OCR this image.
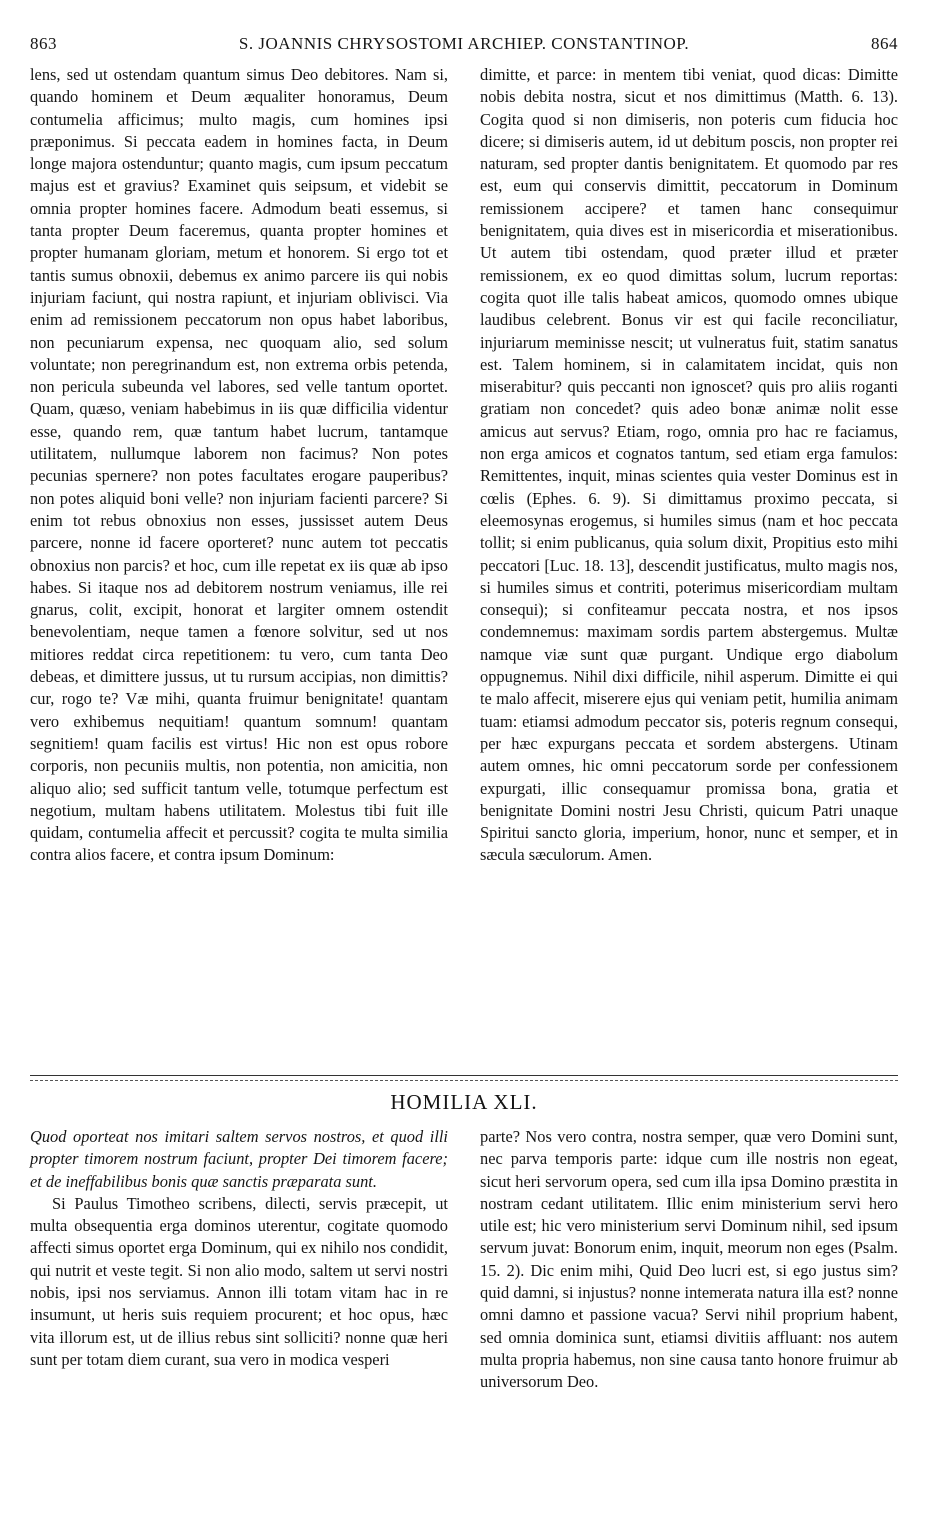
863	S. JOANNIS CHRYSOSTOMI ARCHIEP. CONSTANTINOP.	864

lens, sed ut ostendam quantum simus Deo debitores. Nam si, quando hominem et Deum æqualiter honoramus, Deum contumelia afficimus; multo magis, cum homines ipsi præponimus. Si peccata eadem in homines facta, in Deum longe majora ostenduntur; quanto magis, cum ipsum peccatum majus est et gravius? Examinet quis seipsum, et videbit se omnia propter homines facere. Admodum beati essemus, si tanta propter Deum faceremus, quanta propter homines et propter humanam gloriam, metum et honorem. Si ergo tot et tantis sumus obnoxii, debemus ex animo parcere iis qui nobis injuriam faciunt, qui nostra rapiunt, et injuriam oblivisci. Via enim ad remissionem peccatorum non opus habet laboribus, non pecuniarum expensa, nec quoquam alio, sed solum voluntate; non peregrinandum est, non extrema orbis petenda, non pericula subeunda vel labores, sed velle tantum oportet. Quam, quæso, veniam habebimus in iis quæ difficilia videntur esse, quando rem, quæ tantum habet lucrum, tantamque utilitatem, nullumque laborem non facimus? Non potes pecunias spernere? non potes facultates erogare pauperibus? non potes aliquid boni velle? non injuriam facienti parcere? Si enim tot rebus obnoxius non esses, jussisset autem Deus parcere, nonne id facere oporteret? nunc autem tot peccatis obnoxius non parcis? et hoc, cum ille repetat ex iis quæ ab ipso habes. Si itaque nos ad debitorem nostrum veniamus, ille rei gnarus, colit, excipit, honorat et largiter omnem ostendit benevolentiam, neque tamen a fœnore solvitur, sed ut nos mitiores reddat circa repetitionem: tu vero, cum tanta Deo debeas, et dimittere jussus, ut tu rursum accipias, non dimittis? cur, rogo te? Væ mihi, quanta fruimur benignitate! quantam vero exhibemus nequitiam! quantum somnum! quantam segnitiem! quam facilis est virtus! Hic non est opus robore corporis, non pecuniis multis, non potentia, non amicitia, non aliquo alio; sed sufficit tantum velle, totumque perfectum est negotium, multam habens utilitatem. Molestus tibi fuit ille quidam, contumelia affecit et percussit? cogita te multa similia contra alios facere, et contra ipsum Dominum:

dimitte, et parce: in mentem tibi veniat, quod dicas: Dimitte nobis debita nostra, sicut et nos dimittimus (Matth. 6. 13). Cogita quod si non dimiseris, non poteris cum fiducia hoc dicere; si dimiseris autem, id ut debitum poscis, non propter rei naturam, sed propter dantis benignitatem. Et quomodo par res est, eum qui conservis dimittit, peccatorum in Dominum remissionem accipere? et tamen hanc consequimur benignitatem, quia dives est in misericordia et miserationibus. Ut autem tibi ostendam, quod præter illud et præter remissionem, ex eo quod dimittas solum, lucrum reportas: cogita quot ille talis habeat amicos, quomodo omnes ubique laudibus celebrent. Bonus vir est qui facile reconciliatur, injuriarum meminisse nescit; ut vulneratus fuit, statim sanatus est. Talem hominem, si in calamitatem incidat, quis non miserabitur? quis peccanti non ignoscet? quis pro aliis roganti gratiam non concedet? quis adeo bonæ animæ nolit esse amicus aut servus? Etiam, rogo, omnia pro hac re faciamus, non erga amicos et cognatos tantum, sed etiam erga famulos: Remittentes, inquit, minas scientes quia vester Dominus est in cœlis (Ephes. 6. 9). Si dimittamus proximo peccata, si eleemosynas erogemus, si humiles simus (nam et hoc peccata tollit; si enim publicanus, quia solum dixit, Propitius esto mihi peccatori [Luc. 18. 13], descendit justificatus, multo magis nos, si humiles simus et contriti, poterimus misericordiam multam consequi); si confiteamur peccata nostra, et nos ipsos condemnemus: maximam sordis partem abstergemus. Multæ namque viæ sunt quæ purgant. Undique ergo diabolum oppugnemus. Nihil dixi difficile, nihil asperum. Dimitte ei qui te malo affecit, miserere ejus qui veniam petit, humilia animam tuam: etiamsi admodum peccator sis, poteris regnum consequi, per hæc expurgans peccata et sordem abstergens. Utinam autem omnes, hic omni peccatorum sorde per confessionem expurgati, illic consequamur promissa bona, gratia et benignitate Domini nostri Jesu Christi, quicum Patri unaque Spiritui sancto gloria, imperium, honor, nunc et semper, et in sæcula sæculorum. Amen.

HOMILIA XLI.

Quod oporteat nos imitari saltem servos nostros, et quod illi propter timorem nostrum faciunt, propter Dei timorem facere; et de ineffabilibus bonis quæ sanctis præparata sunt.

Si Paulus Timotheo scribens, dilecti, servis præcepit, ut multa obsequentia erga dominos uterentur, cogitate quomodo affecti simus oportet erga Dominum, qui ex nihilo nos condidit, qui nutrit et veste tegit. Si non alio modo, saltem ut servi nostri nobis, ipsi nos serviamus. Annon illi totam vitam hac in re insumunt, ut heris suis requiem procurent; et hoc opus, hæc vita illorum est, ut de illius rebus sint solliciti? nonne quæ heri sunt per totam diem curant, sua vero in modica vesperi

parte? Nos vero contra, nostra semper, quæ vero Domini sunt, nec parva temporis parte: idque cum ille nostris non egeat, sicut heri servorum opera, sed cum illa ipsa Domino præstita in nostram cedant utilitatem. Illic enim ministerium servi hero utile est; hic vero ministerium servi Dominum nihil, sed ipsum servum juvat: Bonorum enim, inquit, meorum non eges (Psalm. 15. 2). Dic enim mihi, Quid Deo lucri est, si ego justus sim? quid damni, si injustus? nonne intemerata natura illa est? nonne omni damno et passione vacua? Servi nihil proprium habent, sed omnia dominica sunt, etiamsi divitiis affluant: nos autem multa propria habemus, non sine causa tanto honore fruimur ab universorum Deo.
